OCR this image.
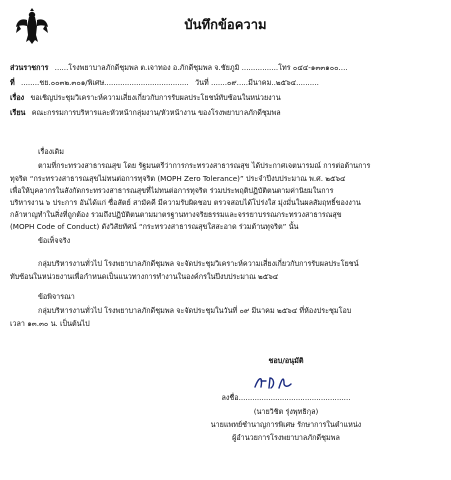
บันทึกข้อความ
ส่วนราชการ ......โรงพยาบาลภักดีชุมพล ต.เจาทอง อ.ภักดีชุมพล จ.ชัยภูมิ ................โทร ๐๔๔-๑๓๓๑๐๐....
ที่ ........ชย.๐๐๓๒.๓๐๑/พิเศษ..................................... วันที่ .......๐๙.....มีนาคม..๒๕๖๔..........
เรื่อง ขอเชิญประชุมวิเคราะห์ความเสี่ยงเกี่ยวกับการรับผลประโยชน์ทับซ้อนในหน่วยงาน
เรียน คณะกรรมการบริหารและหัวหน้ากลุ่มงาน/หัวหน้างาน ของโรงพยาบาลภักดีชุมพล
เรื่องเดิม
ตามที่กระทรวงสาธารณสุข โดย รัฐมนตรีว่าการกระทรวงสาธารณสุข ได้ประกาศเจตนารมณ์ การต่อต้านการ
ทุจริต “กระทรวงสาธารณสุขไม่ทนต่อการทุจริต (MOPH Zero Tolerance)” ประจำปีงบประมาณ พ.ศ. ๒๕๖๔
เพื่อให้บุคลากรในสังกัดกระทรวงสาธารณสุขที่ไม่ทนต่อการทุจริต ร่วมประพฤติปฏิบัติตนตามค่านิยมในการ
บริหารงาน ๖ ประการ อันได้แก่ ซื่อสัตย์ สามัคคี มีความรับผิดชอบ ตรวจสอบได้โปร่งใส มุ่งมั่นในผลสัมฤทธิ์ของงาน
กล้าหาญทำในสิ่งที่ถูกต้อง รวมถึงปฏิบัติตนตามมาตรฐานทางจริยธรรมและจรรยาบรรณกระทรวงสาธารณสุข
(MOPH Code of Conduct) ดังวิสัยทัศน์ “กระทรวงสาธารณสุขใสสะอาด ร่วมต้านทุจริต” นั้น
ข้อเท็จจริง
กลุ่มบริหารงานทั่วไป โรงพยาบาลภักดีชุมพล จะจัดประชุมวิเคราะห์ความเสี่ยงเกี่ยวกับการรับผลประโยชน์
ทับซ้อนในหน่วยงานเพื่อกำหนดเป็นแนวทางการทำงานในองค์กรในปีงบประมาณ ๒๕๖๔
ข้อพิจารณา
กลุ่มบริหารงานทั่วไป โรงพยาบาลภักดีชุมพล จะจัดประชุมในวันที่ ๐๙ มีนาคม ๒๕๖๔ ที่ห้องประชุมโอบ
เวลา ๑๓.๓๐ น. เป็นต้นไป
ชอบ/อนุมัติ
ลงชื่อ.................................................
(นายวิชิต รุ่งพุทธิกุล)
นายแพทย์ชำนาญการพิเศษ รักษาการในตำแหน่ง
ผู้อำนวยการโรงพยาบาลภักดีชุมพล
